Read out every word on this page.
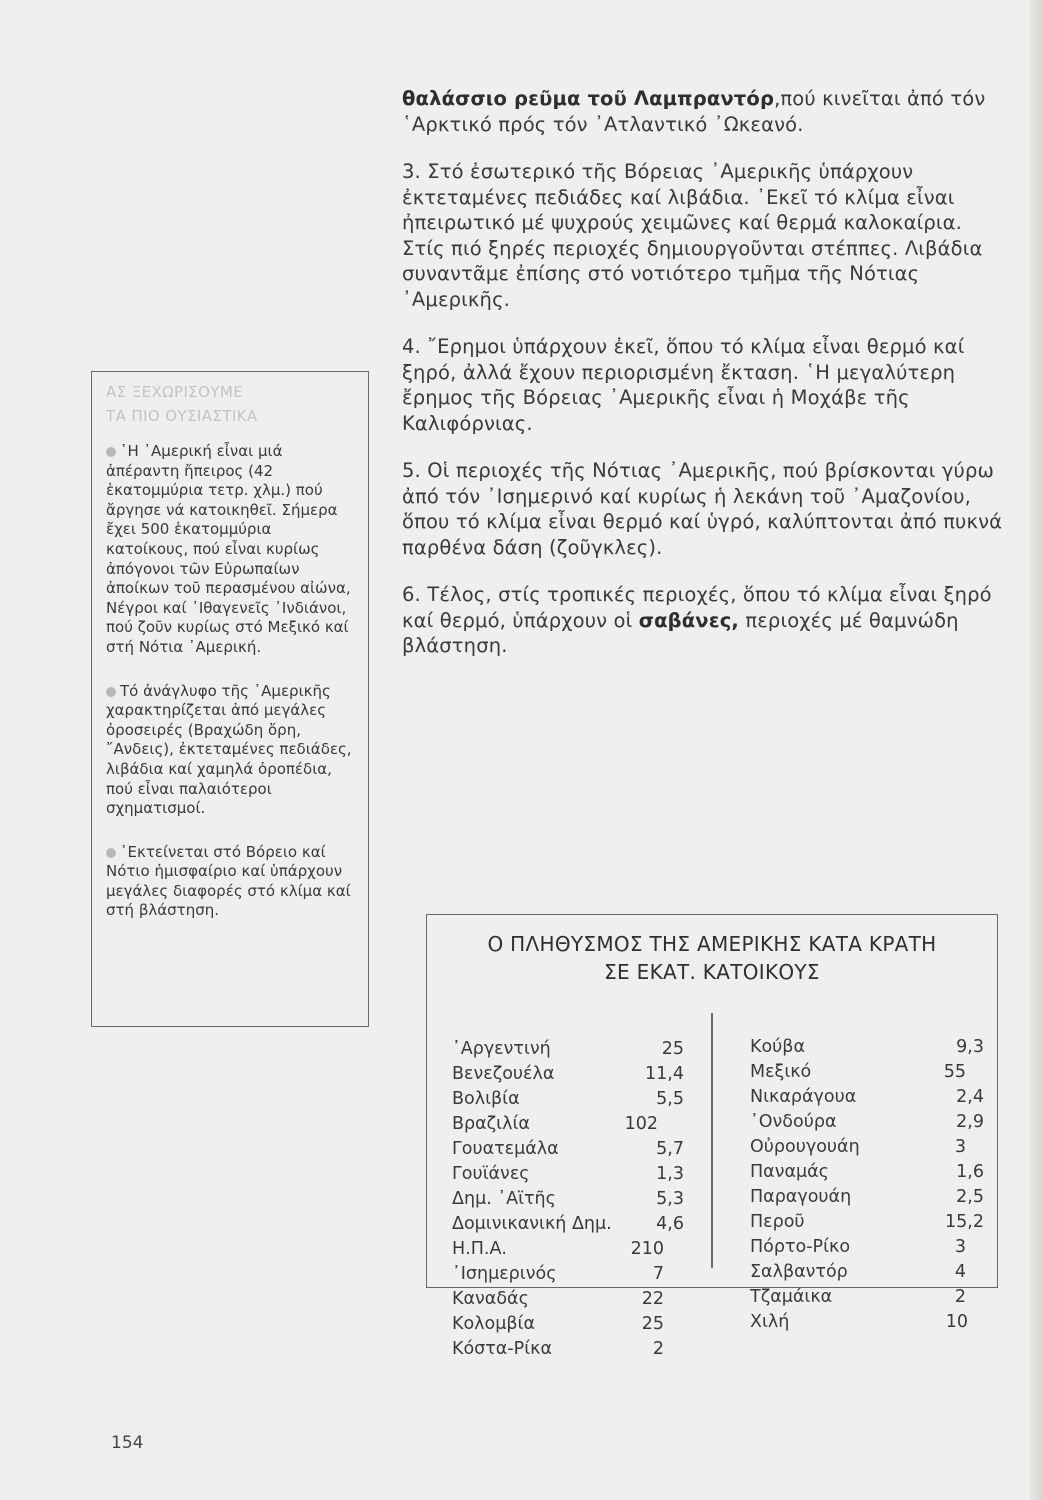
θαλάσσιο ρεῦμα τοῦ Λαμπραντόρ,πού κινεῖται ἀπό τόν ῾Αρκτικό πρός τόν ᾽Ατλαντικό ᾽Ωκεανό.

3. Στό ἐσωτερικό τῆς Βόρειας ᾽Αμερικῆς ὑπάρχουν ἐκτεταμένες πεδιάδες καί λιβάδια. ᾽Εκεῖ τό κλίμα εἶναι ἠπειρωτικό μέ ψυχρούς χειμῶνες καί θερμά καλοκαίρια. Στίς πιό ξηρές περιοχές δημιουργοῦνται στέππες. Λιβάδια συναντᾶμε ἐπίσης στό νοτιότερο τμῆμα τῆς Νότιας ᾽Αμερικῆς.

4. ῎Ερημοι ὑπάρχουν ἐκεῖ, ὅπου τό κλίμα εἶναι θερμό καί ξηρό, ἀλλά ἔχουν περιορισμένη ἔκταση. ῾Η μεγαλύτερη ἔρημος τῆς Βόρειας ᾽Αμερικῆς εἶναι ἡ Μοχάβε τῆς Καλιφόρνιας.

5. Οἱ περιοχές τῆς Νότιας ᾽Αμερικῆς, πού βρίσκονται γύρω ἀπό τόν ᾽Ισημερινό καί κυρίως ἡ λεκάνη τοῦ ᾽Αμαζονίου, ὅπου τό κλίμα εἶναι θερμό καί ὑγρό, καλύπτονται ἀπό πυκνά παρθένα δάση (ζοῦγκλες).

6. Τέλος, στίς τροπικές περιοχές, ὅπου τό κλίμα εἶναι ξηρό καί θερμό, ὑπάρχουν οἱ σαβάνες, περιοχές μέ θαμνώδη βλάστηση.

ΑΣ ΞΕΧΩΡΙΣΟΥΜΕ
ΤΑ ΠΙΟ ΟΥΣΙΑΣΤΙΚΑ

῾Η ᾽Αμερική εἶναι μιά ἀπέραντη ἤπειρος (42 ἑκατομμύρια τετρ. χλμ.) πού ἄργησε νά κατοικηθεῖ. Σήμερα ἔχει 500 ἑκατομμύρια κατοίκους, πού εἶναι κυρίως ἀπόγονοι τῶν Εὐρωπαίων ἀποίκων τοῦ περασμένου αἰώνα, Νέγροι καί ᾽Ιθαγενεῖς ᾽Ινδιάνοι, πού ζοῦν κυρίως στό Μεξικό καί στή Νότια ᾽Αμερική.

Τό ἀνάγλυφο τῆς ᾽Αμερικῆς χαρακτηρίζεται ἀπό μεγάλες ὀροσειρές (Βραχώδη ὄρη, ῎Ανδεις), ἐκτεταμένες πεδιάδες, λιβάδια καί χαμηλά ὀροπέδια, πού εἶναι παλαιότεροι σχηματισμοί.

᾽Εκτείνεται στό Βόρειο καί Νότιο ἡμισφαίριο καί ὑπάρχουν μεγάλες διαφορές στό κλίμα καί στή βλάστηση.

Ο ΠΛΗΘΥΣΜΟΣ ΤΗΣ ΑΜΕΡΙΚΗΣ ΚΑΤΑ ΚΡΑΤΗ
ΣΕ ΕΚΑΤ. ΚΑΤΟΙΚΟΥΣ
᾽Αργεντινή	25
Βενεζουέλα	11,4
Βολιβία	5,5
Βραζιλία	102
Γουατεμάλα	5,7
Γουϊάνες	1,3
Δημ. ᾽Αϊτῆς	5,3
Δομινικανική Δημ.	4,6
Η.Π.Α.	210
᾽Ισημερινός	7
Καναδάς	22
Κολομβία	25
Κόστα-Ρίκα	2
Κούβα	9,3
Μεξικό	55
Νικαράγουα	2,4
᾽Ονδούρα	2,9
Οὐρουγουάη	3
Παναμάς	1,6
Παραγουάη	2,5
Περοῦ	15,2
Πόρτο-Ρίκο	3
Σαλβαντόρ	4
Τζαμάικα	2
Χιλή	10
154
